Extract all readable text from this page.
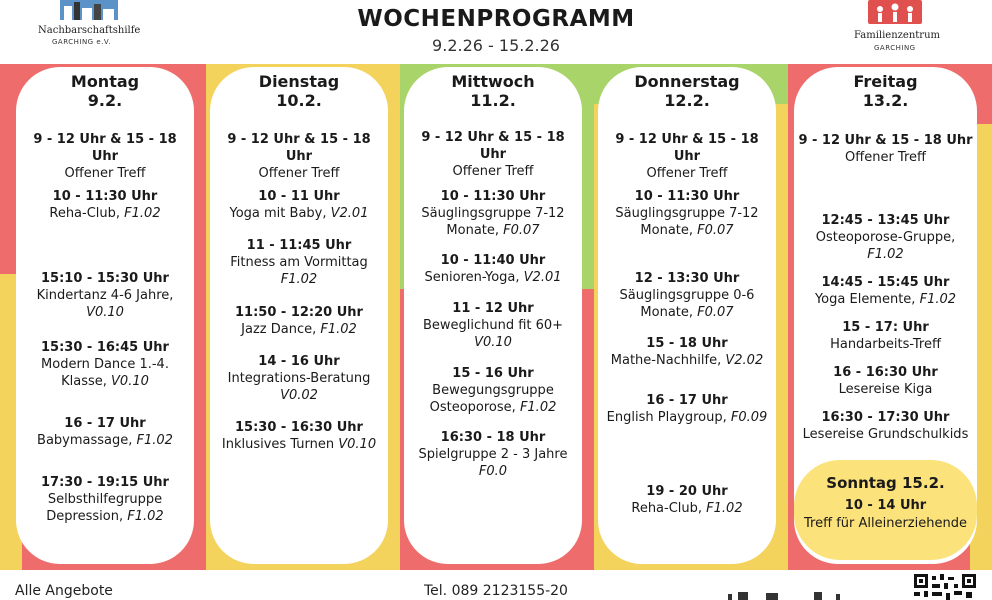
Nachbarschaftshilfe
GARCHING e.V.
WOCHENPROGRAMM
9.2.26 - 15.2.26
Familienzentrum
GARCHING
Montag
9.2.
9 - 12 Uhr & 15 - 18 Uhr
Offener Treff
10 - 11:30 Uhr
Reha-Club, F1.02
15:10 - 15:30 Uhr
Kindertanz 4-6 Jahre, V0.10
15:30 - 16:45 Uhr
Modern Dance 1.-4. Klasse, V0.10
16 - 17 Uhr
Babymassage, F1.02
17:30 - 19:15 Uhr
Selbsthilfegruppe Depression, F1.02
Dienstag
10.2.
9 - 12 Uhr & 15 - 18 Uhr
Offener Treff
10 - 11 Uhr
Yoga mit Baby, V2.01
11 - 11:45 Uhr
Fitness am Vormittag F1.02
11:50 - 12:20 Uhr
Jazz Dance, F1.02
14 - 16 Uhr
Integrations-Beratung V0.02
15:30 - 16:30 Uhr
Inklusives Turnen V0.10
Mittwoch
11.2.
9 - 12 Uhr & 15 - 18 Uhr
Offener Treff
10 - 11:30 Uhr
Säuglingsgruppe 7-12 Monate, F0.07
10 - 11:40 Uhr
Senioren-Yoga, V2.01
11 - 12 Uhr
Beweglichund fit 60+ V0.10
15 - 16 Uhr
Bewegungsgruppe Osteoporose, F1.02
16:30 - 18 Uhr
Spielgruppe 2 - 3 Jahre F0.0
Donnerstag
12.2.
9 - 12 Uhr & 15 - 18 Uhr
Offener Treff
10 - 11:30 Uhr
Säuglingsgruppe 7-12 Monate, F0.07
12 - 13:30 Uhr
Säuglingsgruppe 0-6 Monate, F0.07
15 - 18 Uhr
Mathe-Nachhilfe, V2.02
16 - 17 Uhr
English Playgroup, F0.09
19 - 20 Uhr
Reha-Club, F1.02
Freitag
13.2.
9 - 12 Uhr & 15 - 18 Uhr
Offener Treff
12:45 - 13:45 Uhr
Osteoporose-Gruppe, F1.02
14:45 - 15:45 Uhr
Yoga Elemente, F1.02
15 - 17: Uhr
Handarbeits-Treff
16 - 16:30 Uhr
Lesereise Kiga
16:30 - 17:30 Uhr
Lesereise Grundschulkids
Sonntag 15.2.
10 - 14 Uhr
Treff für Alleinerziehende
Alle Angebote	Tel. 089 2123155-20
